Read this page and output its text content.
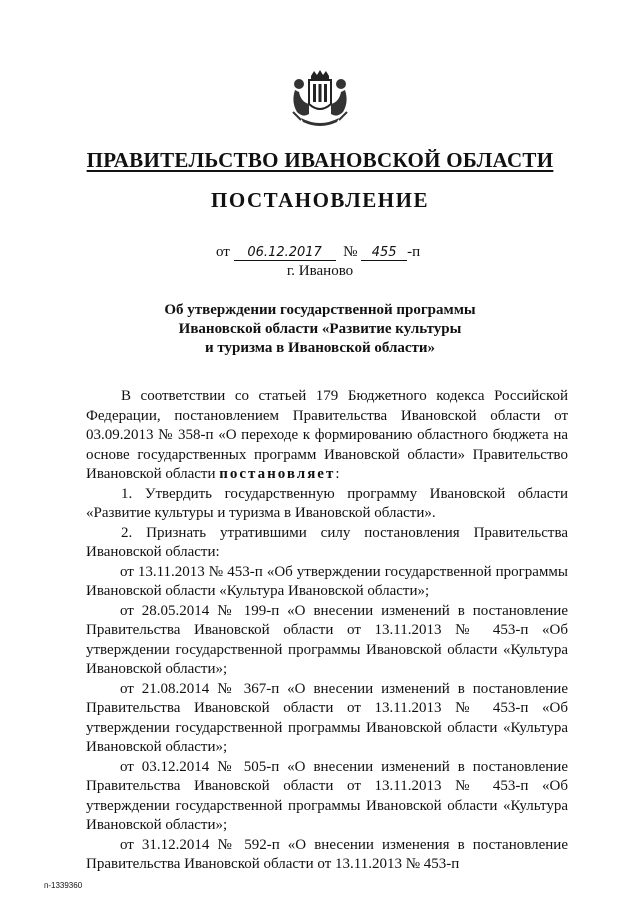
ПРАВИТЕЛЬСТВО ИВАНОВСКОЙ ОБЛАСТИ
ПОСТАНОВЛЕНИЕ
от 06.12.2017 № 455 -п
г. Иваново
Об утверждении государственной программы
Ивановской области «Развитие культуры
и туризма в Ивановской области»

В соответствии со статьей 179 Бюджетного кодекса Российской Федерации, постановлением Правительства Ивановской области от 03.09.2013 № 358-п «О переходе к формированию областного бюджета на основе государственных программ Ивановской области» Правительство Ивановской области постановляет:

1. Утвердить государственную программу Ивановской области «Развитие культуры и туризма в Ивановской области».

2. Признать утратившими силу постановления Правительства Ивановской области:

от 13.11.2013 № 453-п «Об утверждении государственной программы Ивановской области «Культура Ивановской области»;

от 28.05.2014 № 199-п «О внесении изменений в постановление Правительства Ивановской области от 13.11.2013 № 453-п «Об утверждении государственной программы Ивановской области «Культура Ивановской области»;

от 21.08.2014 № 367-п «О внесении изменений в постановление Правительства Ивановской области от 13.11.2013 № 453-п «Об утверждении государственной программы Ивановской области «Культура Ивановской области»;

от 03.12.2014 № 505-п «О внесении изменений в постановление Правительства Ивановской области от 13.11.2013 № 453-п «Об утверждении государственной программы Ивановской области «Культура Ивановской области»;

от 31.12.2014 № 592-п «О внесении изменения в постановление Правительства Ивановской области от 13.11.2013 № 453-п

п-1339360
